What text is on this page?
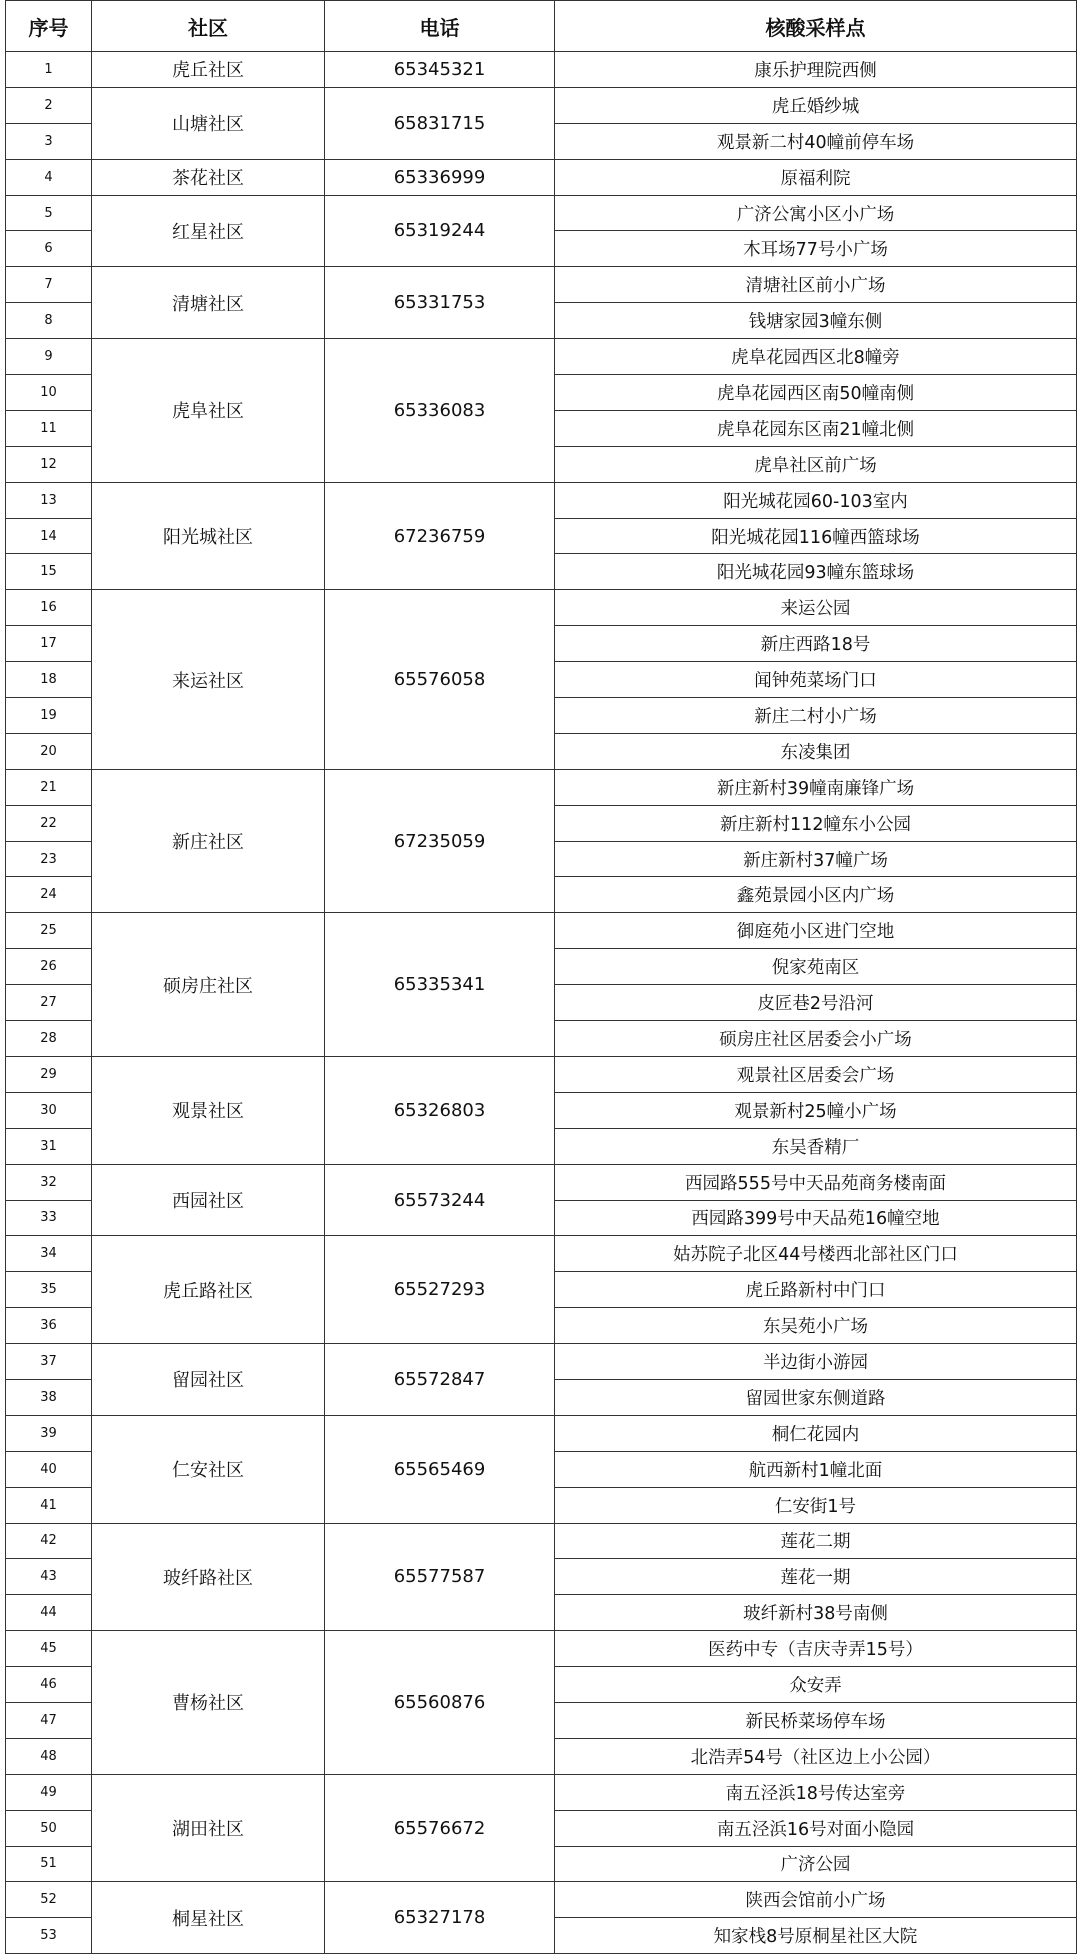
序号	社区	电话	核酸采样点
1	虎丘社区	65345321	康乐护理院西侧
2	山塘社区	65831715	虎丘婚纱城
3			观景新二村40幢前停车场
4	茶花社区	65336999	原福利院
5	红星社区	65319244	广济公寓小区小广场
6			木耳场77号小广场
7	清塘社区	65331753	清塘社区前小广场
8			钱塘家园3幢东侧
9	虎阜社区	65336083	虎阜花园西区北8幢旁
10			虎阜花园西区南50幢南侧
11			虎阜花园东区南21幢北侧
12			虎阜社区前广场
13	阳光城社区	67236759	阳光城花园60-103室内
14			阳光城花园116幢西篮球场
15			阳光城花园93幢东篮球场
16	来运社区	65576058	来运公园
17			新庄西路18号
18			闻钟苑菜场门口
19			新庄二村小广场
20			东凌集团
21	新庄社区	67235059	新庄新村39幢南廉锋广场
22			新庄新村112幢东小公园
23			新庄新村37幢广场
24			鑫苑景园小区内广场
25	硕房庄社区	65335341	御庭苑小区进门空地
26			倪家苑南区
27			皮匠巷2号沿河
28			硕房庄社区居委会小广场
29	观景社区	65326803	观景社区居委会广场
30			观景新村25幢小广场
31			东吴香精厂
32	西园社区	65573244	西园路555号中天品苑商务楼南面
33			西园路399号中天品苑16幢空地
34	虎丘路社区	65527293	姑苏院子北区44号楼西北部社区门口
35			虎丘路新村中门口
36			东吴苑小广场
37	留园社区	65572847	半边街小游园
38			留园世家东侧道路
39	仁安社区	65565469	桐仁花园内
40			航西新村1幢北面
41			仁安街1号
42	玻纤路社区	65577587	莲花二期
43			莲花一期
44			玻纤新村38号南侧
45	曹杨社区	65560876	医药中专（吉庆寺弄15号）
46			众安弄
47			新民桥菜场停车场
48			北浩弄54号（社区边上小公园）
49	湖田社区	65576672	南五泾浜18号传达室旁
50			南五泾浜16号对面小隐园
51			广济公园
52	桐星社区	65327178	陕西会馆前小广场
53			知家栈8号原桐星社区大院
